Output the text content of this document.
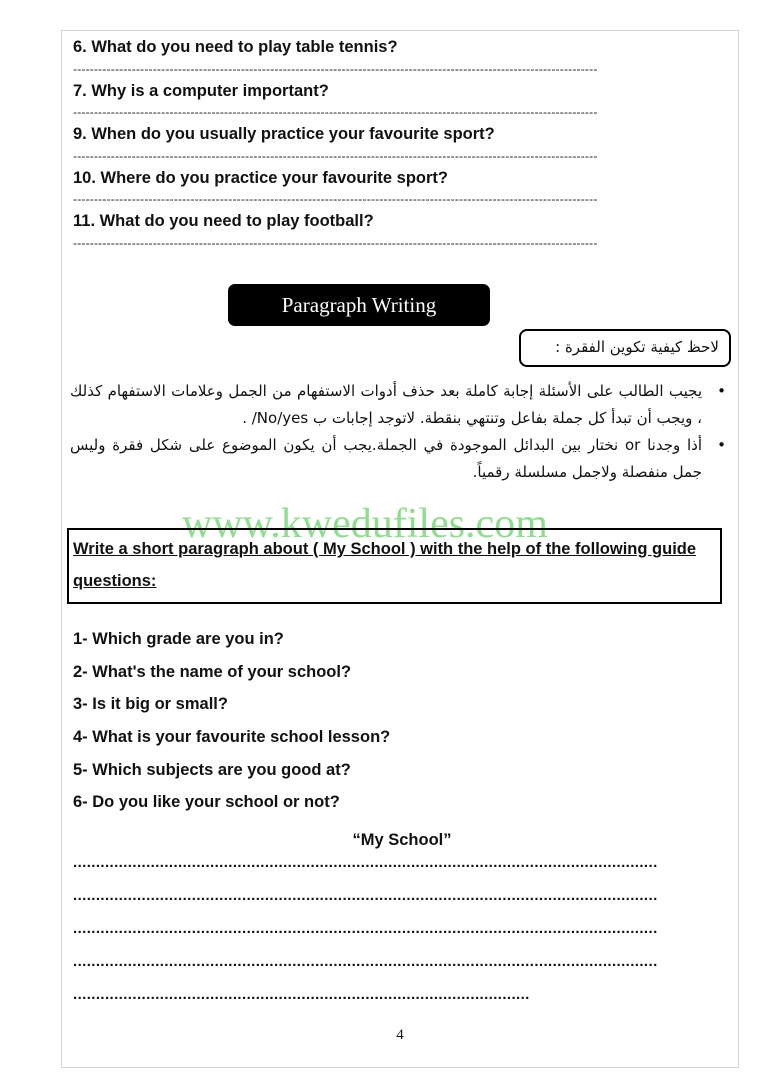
6. What do you need to play table tennis?
-----------------------------------------------------------------------------------------------------------------------------
7. Why is a computer important?
-----------------------------------------------------------------------------------------------------------------------------
9. When do you usually practice your favourite sport?
-----------------------------------------------------------------------------------------------------------------------------
10. Where do you practice your favourite sport?
-----------------------------------------------------------------------------------------------------------------------------
11. What do you need to play football?
-----------------------------------------------------------------------------------------------------------------------------
Paragraph Writing
لاحظ كيفية تكوين الفقرة :
•
يجيب الطالب على الأسئلة إجابة كاملة بعد حذف أدوات الاستفهام من الجمل وعلامات الاستفهام كذلك ، ويجب أن تبدأ كل جملة بفاعل وتنتهي بنقطة. لاتوجد إجابات ب No/yes/ .
•
أذا وجدنا or نختار بين البدائل الموجودة في الجملة.يجب أن يكون الموضوع على شكل فقرة وليس جمل منفصلة ولاجمل مسلسلة رقمياً.
www.kwedufiles.com
Write a short paragraph about ( My School ) with the help of the following guide questions:
1- Which grade are you in?
2- What's the name of your school?
3- Is it big or small?
4- What is your favourite school lesson?
5- Which subjects are you good at?
6- Do you like your school or not?
“My School”
................................................................................................................................
................................................................................................................................
................................................................................................................................
................................................................................................................................
....................................................................................................
4
